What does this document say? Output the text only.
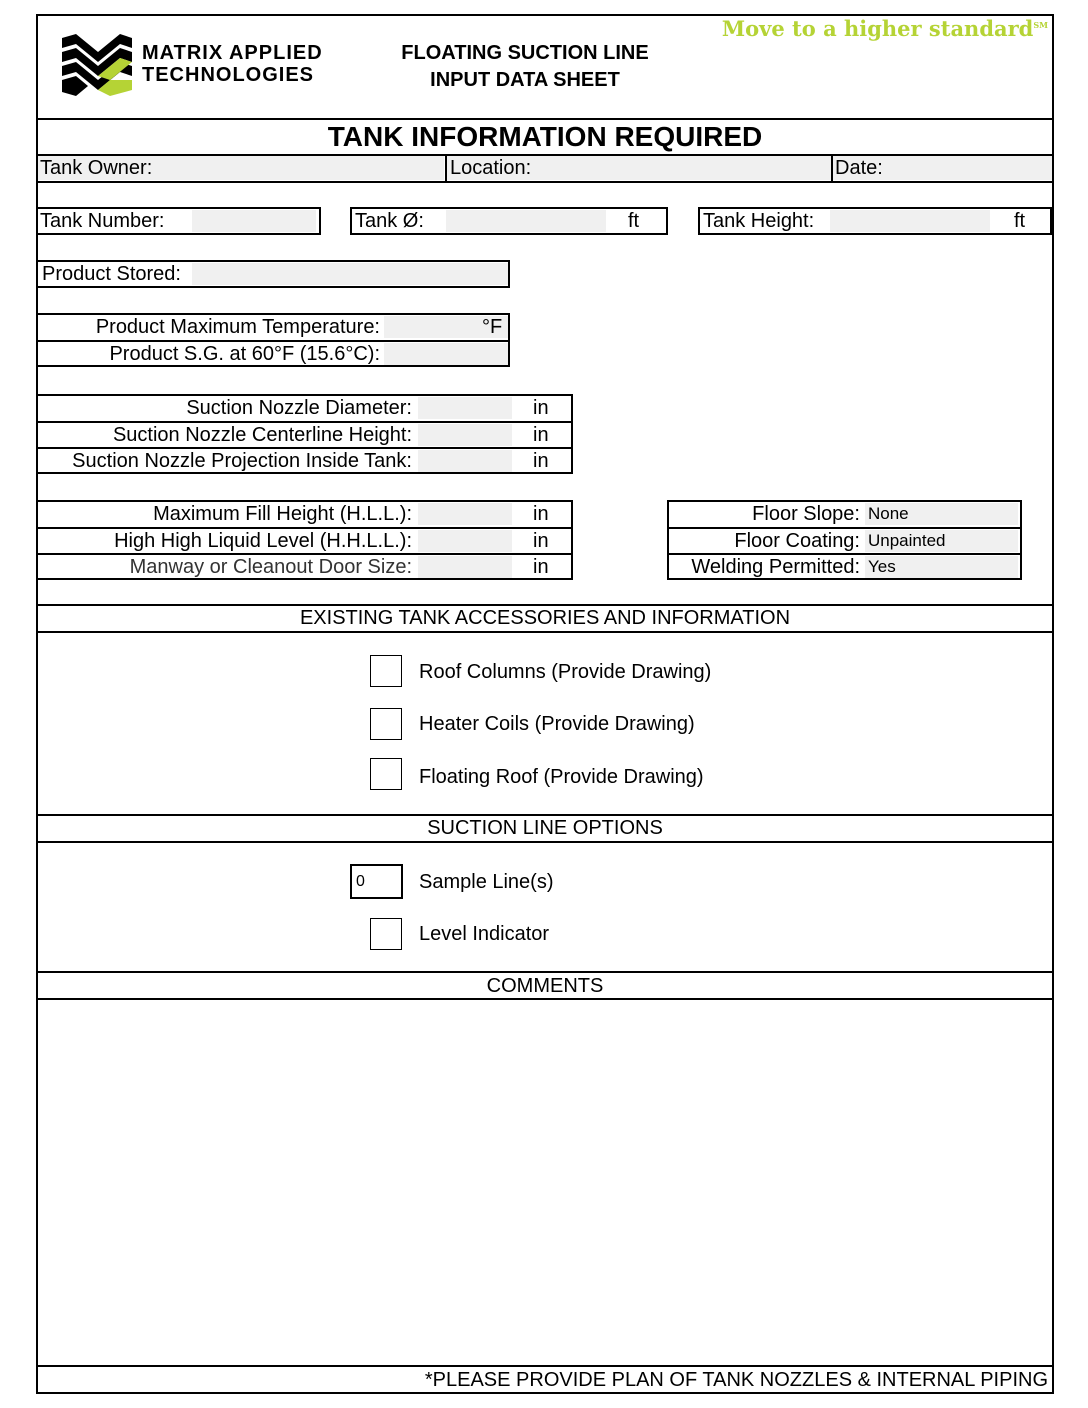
MATRIX APPLIED
TECHNOLOGIES
FLOATING SUCTION LINE
INPUT DATA SHEET
Move to a higher standard℠
TANK INFORMATION REQUIRED
Tank Owner:	Location:	Date:
Tank Number:	Tank Ø:	ft	Tank Height:	ft
Product Stored:
Product Maximum Temperature:	°F
Product S.G. at 60°F (15.6°C):
Suction Nozzle Diameter:	in
Suction Nozzle Centerline Height:	in
Suction Nozzle Projection Inside Tank:	in
Maximum Fill Height (H.L.L.):	in
High High Liquid Level (H.H.L.L.):	in
Manway or Cleanout Door Size:	in
Floor Slope: None
Floor Coating: Unpainted
Welding Permitted: Yes
EXISTING TANK ACCESSORIES AND INFORMATION
Roof Columns (Provide Drawing)
Heater Coils (Provide Drawing)
Floating Roof (Provide Drawing)
SUCTION LINE OPTIONS
0	Sample Line(s)
Level Indicator
COMMENTS
*PLEASE PROVIDE PLAN OF TANK NOZZLES & INTERNAL PIPING
